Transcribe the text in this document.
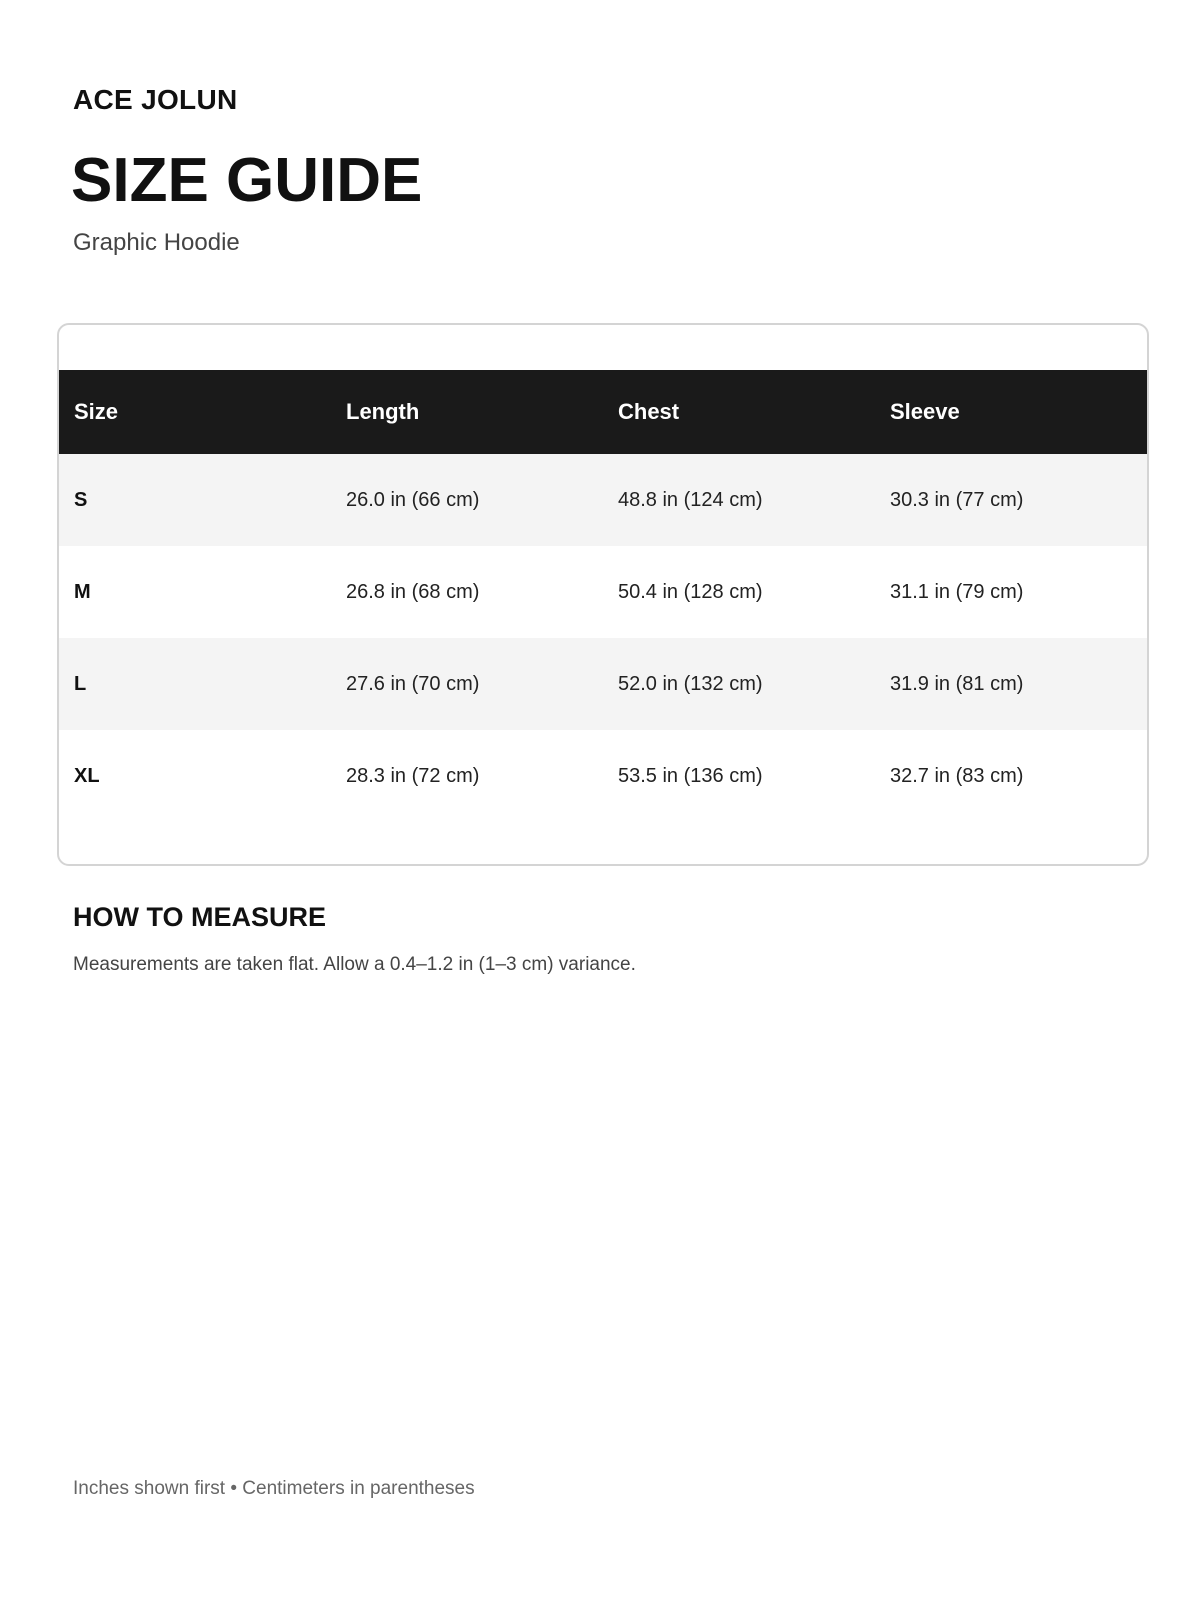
ACE JOLUN
SIZE GUIDE

Graphic Hoodie

Size	Length	Chest	Sleeve
S	26.0 in (66 cm)	48.8 in (124 cm)	30.3 in (77 cm)
M	26.8 in (68 cm)	50.4 in (128 cm)	31.1 in (79 cm)
L	27.6 in (70 cm)	52.0 in (132 cm)	31.9 in (81 cm)
XL	28.3 in (72 cm)	53.5 in (136 cm)	32.7 in (83 cm)
HOW TO MEASURE

Measurements are taken flat. Allow a 0.4–1.2 in (1–3 cm) variance.

Inches shown first • Centimeters in parentheses
